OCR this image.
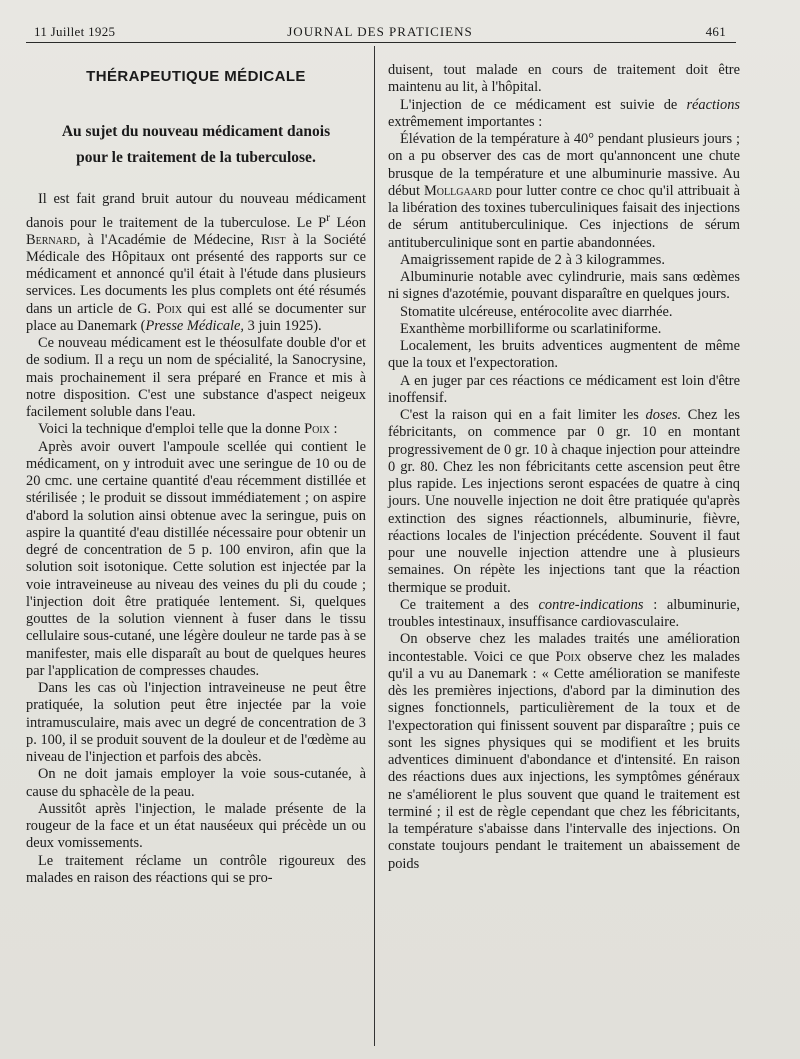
11 Juillet 1925	JOURNAL DES PRATICIENS	461
THÉRAPEUTIQUE MÉDICALE
Au sujet du nouveau médicament danois
pour le traitement de la tuberculose.

Il est fait grand bruit autour du nouveau médicament danois pour le traitement de la tuberculose. Le $P^r$ Léon Bernard, à l'Académie de Médecine, Rist à la Société Médicale des Hôpitaux ont présenté des rapports sur ce médicament et annoncé qu'il était à l'étude dans plusieurs services. Les documents les plus complets ont été résumés dans un article de G. Poix qui est allé se documenter sur place au Danemark (Presse Médicale, 3 juin 1925).

Ce nouveau médicament est le théosulfate double d'or et de sodium. Il a reçu un nom de spécialité, la Sanocrysine, mais prochainement il sera préparé en France et mis à notre disposition. C'est une substance d'aspect neigeux facilement soluble dans l'eau.

Voici la technique d'emploi telle que la donne Poix :

Après avoir ouvert l'ampoule scellée qui contient le médicament, on y introduit avec une seringue de 10 ou de 20 cmc. une certaine quantité d'eau récemment distillée et stérilisée ; le produit se dissout immédiatement ; on aspire d'abord la solution ainsi obtenue avec la seringue, puis on aspire la quantité d'eau distillée nécessaire pour obtenir un degré de concentration de 5 p. 100 environ, afin que la solution soit isotonique. Cette solution est injectée par la voie intraveineuse au niveau des veines du pli du coude ; l'injection doit être pratiquée lentement. Si, quelques gouttes de la solution viennent à fuser dans le tissu cellulaire sous-cutané, une légère douleur ne tarde pas à se manifester, mais elle disparaît au bout de quelques heures par l'application de compresses chaudes.

Dans les cas où l'injection intraveineuse ne peut être pratiquée, la solution peut être injectée par la voie intramusculaire, mais avec un degré de concentration de 3 p. 100, il se produit souvent de la douleur et de l'œdème au niveau de l'injection et parfois des abcès.

On ne doit jamais employer la voie sous-cutanée, à cause du sphacèle de la peau.

Aussitôt après l'injection, le malade présente de la rougeur de la face et un état nauséeux qui précède un ou deux vomissements.

Le traitement réclame un contrôle rigoureux des malades en raison des réactions qui se pro-

duisent, tout malade en cours de traitement doit être maintenu au lit, à l'hôpital.

L'injection de ce médicament est suivie de réactions extrêmement importantes :

Élévation de la température à 40° pendant plusieurs jours ; on a pu observer des cas de mort qu'annoncent une chute brusque de la température et une albuminurie massive. Au début Mollgaard pour lutter contre ce choc qu'il attribuait à la libération des toxines tuberculiniques faisait des injections de sérum antituberculinique. Ces injections de sérum antituberculinique sont en partie abandonnées.

Amaigrissement rapide de 2 à 3 kilogrammes.

Albuminurie notable avec cylindrurie, mais sans œdèmes ni signes d'azotémie, pouvant disparaître en quelques jours.

Stomatite ulcéreuse, entérocolite avec diarrhée.

Exanthème morbilliforme ou scarlatiniforme.

Localement, les bruits adventices augmentent de même que la toux et l'expectoration.

A en juger par ces réactions ce médicament est loin d'être inoffensif.

C'est la raison qui en a fait limiter les doses. Chez les fébricitants, on commence par 0 gr. 10 en montant progressivement de 0 gr. 10 à chaque injection pour atteindre 0 gr. 80. Chez les non fébricitants cette ascension peut être plus rapide. Les injections seront espacées de quatre à cinq jours. Une nouvelle injection ne doit être pratiquée qu'après extinction des signes réactionnels, albuminurie, fièvre, réactions locales de l'injection précédente. Souvent il faut pour une nouvelle injection attendre une à plusieurs semaines. On répète les injections tant que la réaction thermique se produit.

Ce traitement a des contre-indications : albuminurie, troubles intestinaux, insuffisance cardiovasculaire.

On observe chez les malades traités une amélioration incontestable. Voici ce que Poix observe chez les malades qu'il a vu au Danemark : « Cette amélioration se manifeste dès les premières injections, d'abord par la diminution des signes fonctionnels, particulièrement de la toux et de l'expectoration qui finissent souvent par disparaître ; puis ce sont les signes physiques qui se modifient et les bruits adventices diminuent d'abondance et d'intensité. En raison des réactions dues aux injections, les symptômes généraux ne s'améliorent le plus souvent que quand le traitement est terminé ; il est de règle cependant que chez les fébricitants, la température s'abaisse dans l'intervalle des injections. On constate toujours pendant le traitement un abaissement de poids
